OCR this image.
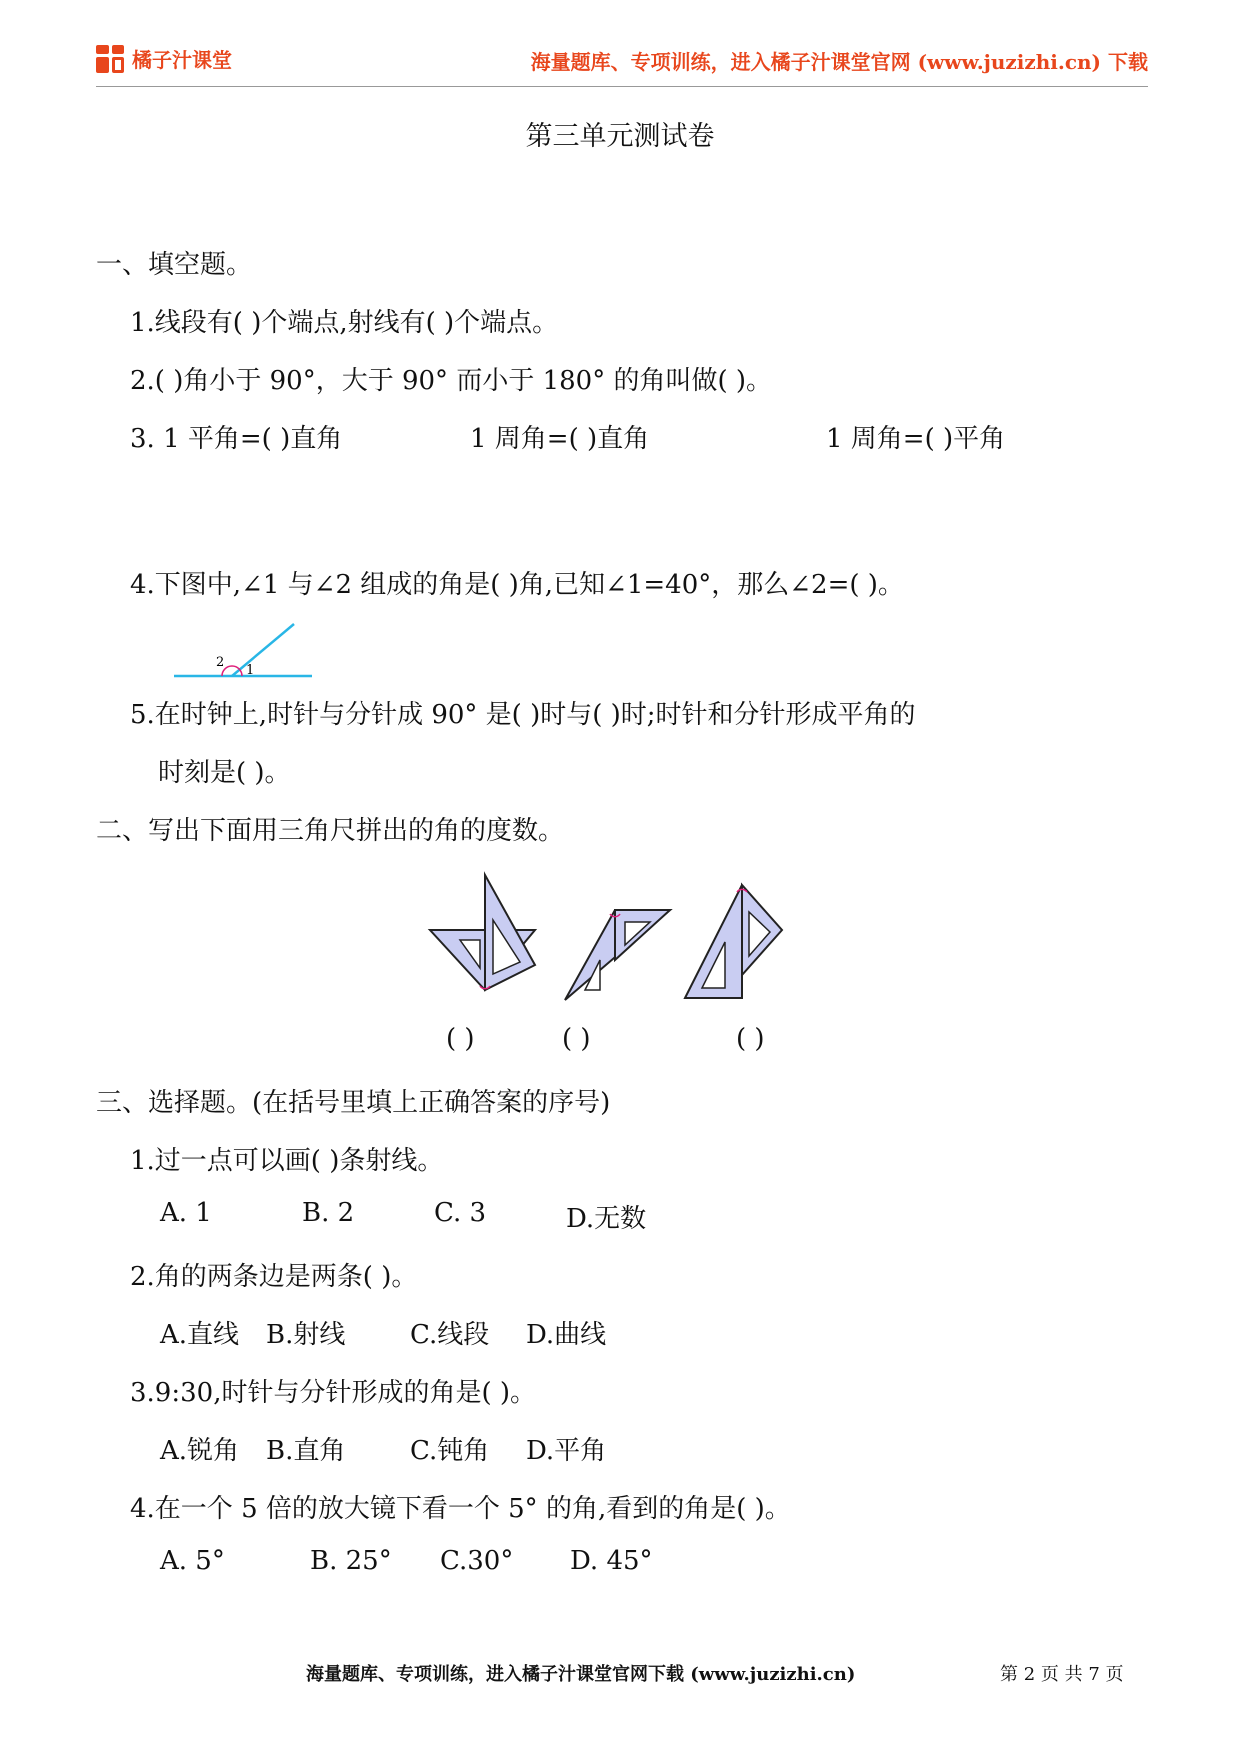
橘子汁课堂	海量题库、专项训练，进入橘子汁课堂官网 (www.juzizhi.cn) 下载
第三单元测试卷
一、填空题。
1.线段有( )个端点,射线有( )个端点。
2.( )角小于 90°，大于 90° 而小于 180° 的角叫做( )。
3. 1 平角=( )直角	1 周角=( )直角	1 周角=( )平角
4.下图中,∠1 与∠2 组成的角是( )角,已知∠1=40°，那么∠2=( )。
1
2
5.在时钟上,时针与分针成 90° 是( )时与( )时;时针和分针形成平角的
时刻是( )。
二、写出下面用三角尺拼出的角的度数。
( )	( )	( )
三、选择题。(在括号里填上正确答案的序号)
1.过一点可以画( )条射线。
A. 1	B. 2	C. 3	D.无数
2.角的两条边是两条( )。
A.直线 B.射线 C.线段 D.曲线
3.9:30,时针与分针形成的角是( )。
A.锐角 B.直角 C.钝角 D.平角
4.在一个 5 倍的放大镜下看一个 5° 的角,看到的角是( )。
A. 5°	B. 25° C.30° D. 45°
海量题库、专项训练，进入橘子汁课堂官网下载 (www.juzizhi.cn)	第 2 页 共 7 页
